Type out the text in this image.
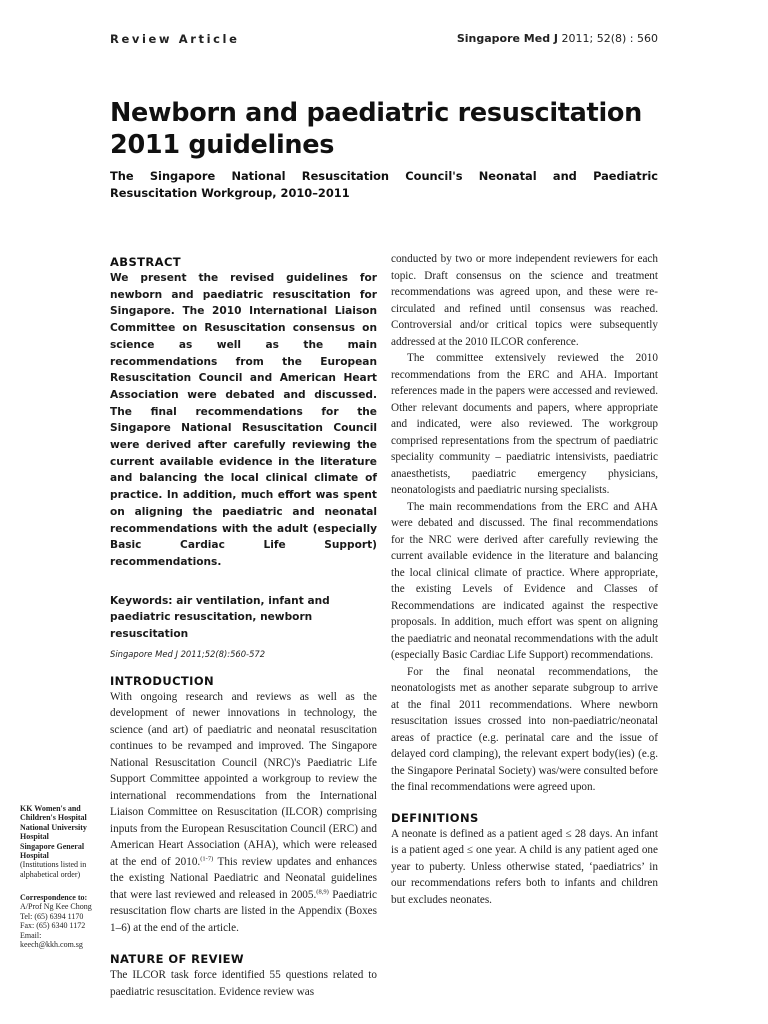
Review Article	Singapore Med J 2011; 52(8) : 560
Newborn and paediatric resuscitation 2011 guidelines
The Singapore National Resuscitation Council's Neonatal and Paediatric Resuscitation Workgroup, 2010–2011

ABSTRACT

We present the revised guidelines for newborn and paediatric resuscitation for Singapore. The 2010 International Liaison Committee on Resuscitation consensus on science as well as the main recommendations from the European Resuscitation Council and American Heart Association were debated and discussed. The final recommendations for the Singapore National Resuscitation Council were derived after carefully reviewing the current available evidence in the literature and balancing the local clinical climate of practice. In addition, much effort was spent on aligning the paediatric and neonatal recommendations with the adult (especially Basic Cardiac Life Support) recommendations.

Keywords: air ventilation, infant and paediatric resuscitation, newborn resuscitation

Singapore Med J 2011;52(8):560-572

INTRODUCTION

With ongoing research and reviews as well as the development of newer innovations in technology, the science (and art) of paediatric and neonatal resuscitation continues to be revamped and improved. The Singapore National Resuscitation Council (NRC)'s Paediatric Life Support Committee appointed a workgroup to review the international recommendations from the International Liaison Committee on Resuscitation (ILCOR) comprising inputs from the European Resuscitation Council (ERC) and American Heart Association (AHA), which were released at the end of 2010.$^{(1-7)}$ This review updates and enhances the existing National Paediatric and Neonatal guidelines that were last reviewed and released in 2005.$^{(8,9)}$ Paediatric resuscitation flow charts are listed in the Appendix (Boxes 1–6) at the end of the article.

NATURE OF REVIEW

The ILCOR task force identified 55 questions related to paediatric resuscitation. Evidence review was

conducted by two or more independent reviewers for each topic. Draft consensus on the science and treatment recommendations was agreed upon, and these were re-circulated and refined until consensus was reached. Controversial and/or critical topics were subsequently addressed at the 2010 ILCOR conference.

The committee extensively reviewed the 2010 recommendations from the ERC and AHA. Important references made in the papers were accessed and reviewed. Other relevant documents and papers, where appropriate and indicated, were also reviewed. The workgroup comprised representations from the spectrum of paediatric speciality community – paediatric intensivists, paediatric anaesthetists, paediatric emergency physicians, neonatologists and paediatric nursing specialists.

The main recommendations from the ERC and AHA were debated and discussed. The final recommendations for the NRC were derived after carefully reviewing the current available evidence in the literature and balancing the local clinical climate of practice. Where appropriate, the existing Levels of Evidence and Classes of Recommendations are indicated against the respective proposals. In addition, much effort was spent on aligning the paediatric and neonatal recommendations with the adult (especially Basic Cardiac Life Support) recommendations.

For the final neonatal recommendations, the neonatologists met as another separate subgroup to arrive at the final 2011 recommendations. Where newborn resuscitation issues crossed into non-paediatric/neonatal areas of practice (e.g. perinatal care and the issue of delayed cord clamping), the relevant expert body(ies) (e.g. the Singapore Perinatal Society) was/were consulted before the final recommendations were agreed upon.

DEFINITIONS

A neonate is defined as a patient aged ≤ 28 days. An infant is a patient aged ≤ one year. A child is any patient aged one year to puberty. Unless otherwise stated, ‘paediatrics’ in our recommendations refers both to infants and children but excludes neonates.

KK Women's and Children's Hospital
National University Hospital
Singapore General Hospital
(Institutions listed in alphabetical order)
Correspondence to:
A/Prof Ng Kee Chong
Tel: (65) 6394 1170
Fax: (65) 6340 1172
Email: keech@kkh.com.sg
